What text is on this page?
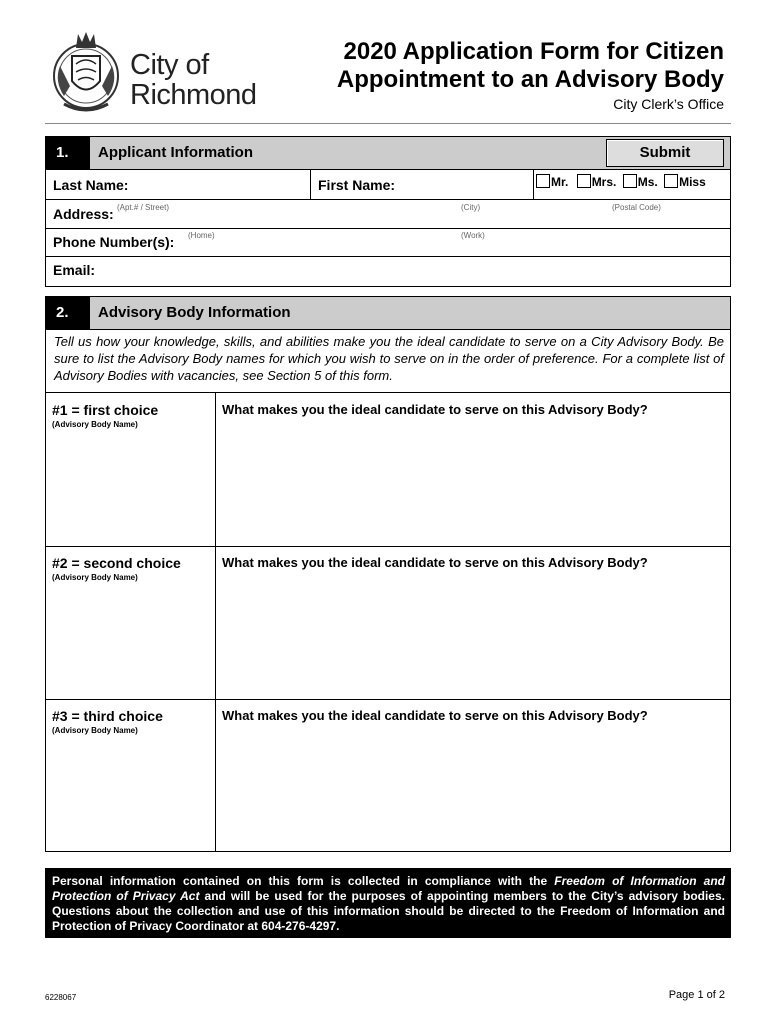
City of
Richmond
2020 Application Form for Citizen
Appointment to an Advisory Body
City Clerk’s Office
1.	Applicant Information	Submit
Last Name:	First Name:	Mr. Mrs. Ms. Miss
Address: (Apt.# / Street)	(City)	(Postal Code)
Phone Number(s): (Home)	(Work)
Email:
2.	Advisory Body Information
Tell us how your knowledge, skills, and abilities make you the ideal candidate to serve on a City Advisory Body. Be sure to list the Advisory Body names for which you wish to serve on in the order of preference. For a complete list of Advisory Bodies with vacancies, see Section 5 of this form.
#1 = first choice
(Advisory Body Name)
What makes you the ideal candidate to serve on this Advisory Body?
#2 = second choice
(Advisory Body Name)
What makes you the ideal candidate to serve on this Advisory Body?
#3 = third choice
(Advisory Body Name)
What makes you the ideal candidate to serve on this Advisory Body?
Personal information contained on this form is collected in compliance with the Freedom of Information and Protection of Privacy Act and will be used for the purposes of appointing members to the City’s advisory bodies. Questions about the collection and use of this information should be directed to the Freedom of Information and Protection of Privacy Coordinator at 604-276-4297.
6228067	Page 1 of 2
